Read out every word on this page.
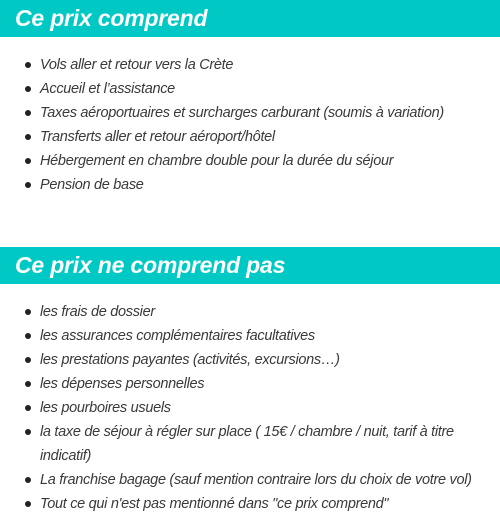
Ce prix comprend
Vols aller et retour vers la Crète
Accueil et l’assistance
Taxes aéroportuaires et surcharges carburant (soumis à variation)
Transferts aller et retour aéroport/hôtel
Hébergement en chambre double pour la durée du séjour
Pension de base
Ce prix ne comprend pas
les frais de dossier
les assurances complémentaires facultatives
les prestations payantes (activités, excursions…)
les dépenses personnelles
les pourboires usuels
la taxe de séjour à régler sur place ( 15€ / chambre / nuit, tarif à titre indicatif)
La franchise bagage (sauf mention contraire lors du choix de votre vol)
Tout ce qui n'est pas mentionné dans "ce prix comprend"
